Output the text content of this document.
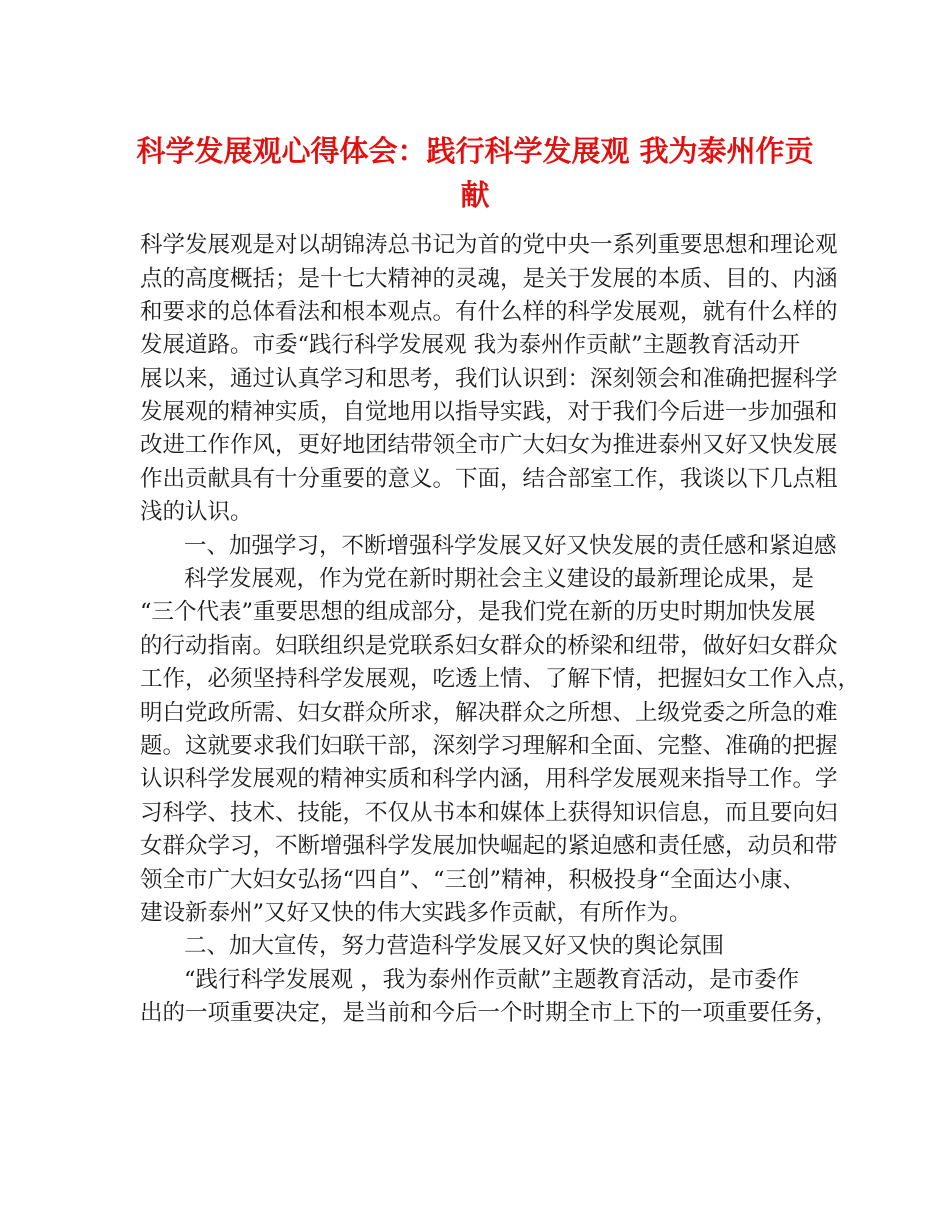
科学发展观心得体会：践行科学发展观 我为泰州作贡
献
科学发展观是对以胡锦涛总书记为首的党中央一系列重要思想和理论观
点的高度概括；是十七大精神的灵魂，是关于发展的本质、目的、内涵
和要求的总体看法和根本观点。有什么样的科学发展观，就有什么样的
发展道路。市委“践行科学发展观 我为泰州作贡献”主题教育活动开
展以来，通过认真学习和思考，我们认识到：深刻领会和准确把握科学
发展观的精神实质，自觉地用以指导实践，对于我们今后进一步加强和
改进工作作风，更好地团结带领全市广大妇女为推进泰州又好又快发展
作出贡献具有十分重要的意义。下面，结合部室工作，我谈以下几点粗
浅的认识。
一、加强学习，不断增强科学发展又好又快发展的责任感和紧迫感
科学发展观，作为党在新时期社会主义建设的最新理论成果，是
“三个代表”重要思想的组成部分，是我们党在新的历史时期加快发展
的行动指南。妇联组织是党联系妇女群众的桥梁和纽带，做好妇女群众
工作，必须坚持科学发展观，吃透上情、了解下情，把握妇女工作入点，
明白党政所需、妇女群众所求，解决群众之所想、上级党委之所急的难
题。这就要求我们妇联干部，深刻学习理解和全面、完整、准确的把握
认识科学发展观的精神实质和科学内涵，用科学发展观来指导工作。学
习科学、技术、技能，不仅从书本和媒体上获得知识信息，而且要向妇
女群众学习，不断增强科学发展加快崛起的紧迫感和责任感，动员和带
领全市广大妇女弘扬“四自”、“三创”精神，积极投身“全面达小康、
建设新泰州”又好又快的伟大实践多作贡献，有所作为。
二、加大宣传，努力营造科学发展又好又快的舆论氛围
“践行科学发展观 ，我为泰州作贡献”主题教育活动，是市委作
出的一项重要决定，是当前和今后一个时期全市上下的一项重要任务，
